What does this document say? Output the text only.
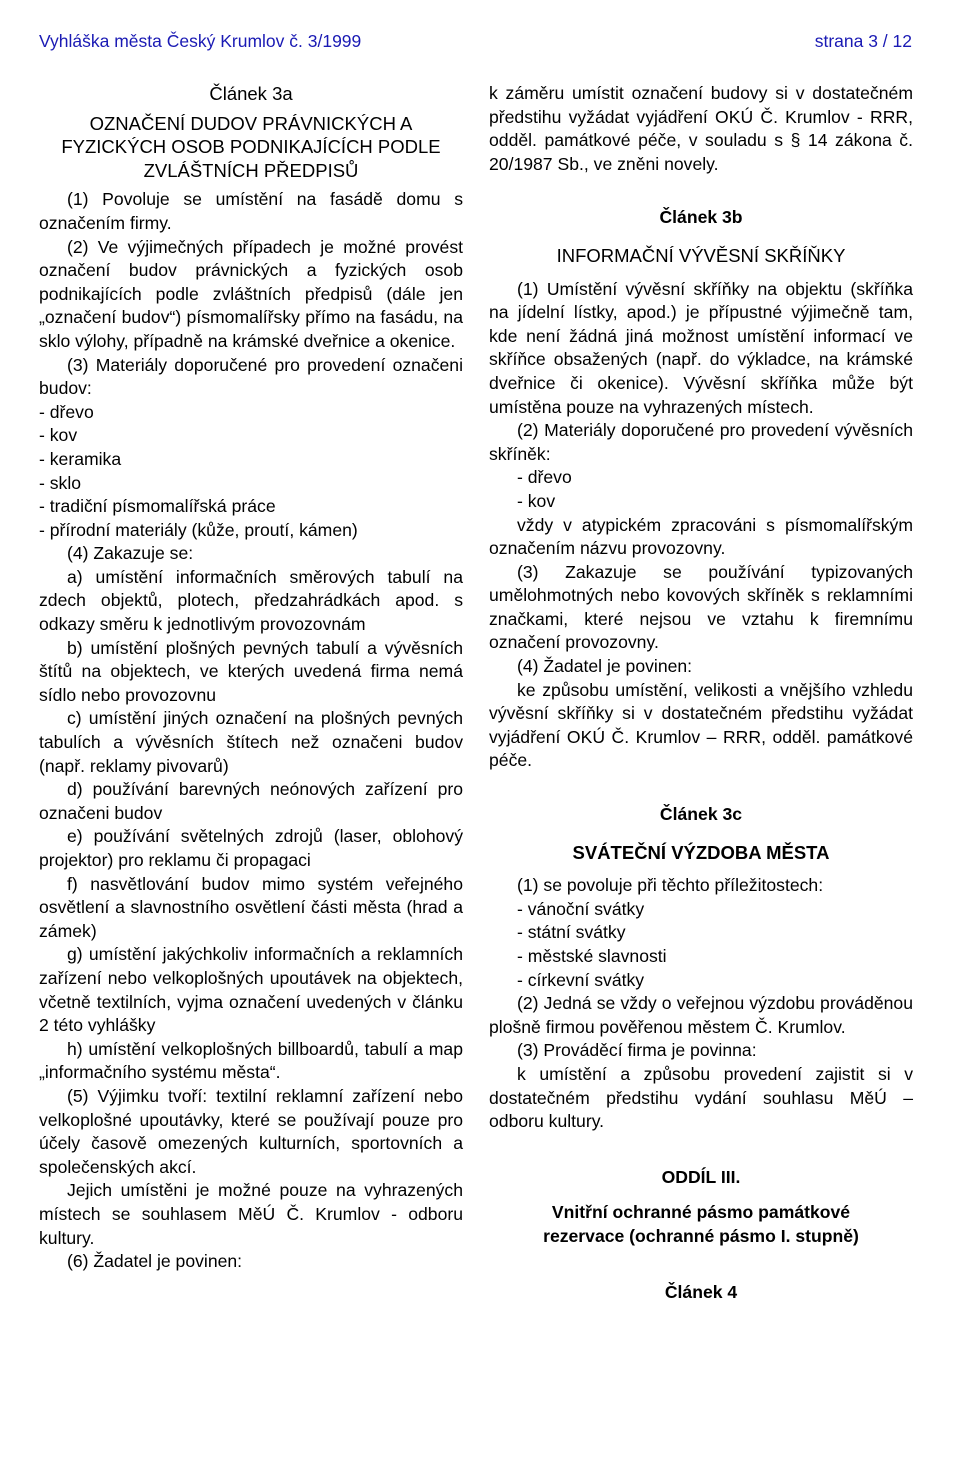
Vyhláška města Český Krumlov č. 3/1999	strana 3 / 12

Článek 3a

OZNAČENÍ DUDOV PRÁVNICKÝCH A FYZICKÝCH OSOB PODNIKAJÍCÍCH PODLE ZVLÁŠTNÍCH PŘEDPISŮ

(1) Povoluje se umístění na fasádě domu s označením firmy.

(2) Ve výjimečných případech je možné provést označení budov právnických a fyzických osob podnikajících podle zvláštních předpisů (dále jen „označení budov“) písmomalířsky přímo na fasádu, na sklo výlohy, případně na krámské dveřnice a okenice.

(3) Materiály doporučené pro provedení označeni budov:

- dřevo

- kov

- keramika

- sklo

- tradiční písmomalířská práce

- přírodní materiály (kůže, proutí, kámen)

(4) Zakazuje se:

a) umístění informačních směrových tabulí na zdech objektů, plotech, předzahrádkách apod. s odkazy směru k jednotlivým provozovnám

b) umístění plošných pevných tabulí a vývěsních štítů na objektech, ve kterých uvedená firma nemá sídlo nebo provozovnu

c) umístění jiných označení na plošných pevných tabulích a vývěsních štítech než označeni budov (např. reklamy pivovarů)

d) používání barevných neónových zařízení pro označeni budov

e) používání světelných zdrojů (laser, oblohový projektor) pro reklamu či propagaci

f) nasvětlování budov mimo systém veřejného osvětlení a slavnostního osvětlení části města (hrad a zámek)

g) umístění jakýchkoliv informačních a reklamních zařízení nebo velkoplošných upoutávek na objektech, včetně textilních, vyjma označení uvedených v článku 2 této vyhlášky

h) umístění velkoplošných billboardů, tabulí a map „informačního systému města“.

(5) Výjimku tvoří: textilní reklamní zařízení nebo velkoplošné upoutávky, které se používají pouze pro účely časově omezených kulturních, sportovních a společenských akcí.

Jejich umístěni je možné pouze na vyhrazených místech se souhlasem MěÚ Č. Krumlov - odboru kultury.

(6) Žadatel je povinen:

k záměru umístit označení budovy si v dostatečném předstihu vyžádat vyjádření OKÚ Č. Krumlov - RRR, odděl. památkové péče, v souladu s § 14 zákona č. 20/1987 Sb., ve zněni novely.

Článek 3b

INFORMAČNÍ VÝVĚSNÍ SKŘÍŇKY

(1) Umístění vývěsní skříňky na objektu (skříňka na jídelní lístky, apod.) je přípustné výjimečně tam, kde není žádná jiná možnost umístění informací ve skříňce obsažených (např. do výkladce, na krámské dveřnice či okenice). Vývěsní skříňka může být umístěna pouze na vyhrazených místech.

(2) Materiály doporučené pro provedení vývěsních skříněk:

- dřevo

- kov

vždy v atypickém zpracováni s písmomalířským označením názvu provozovny.

(3) Zakazuje se používání typizovaných umělohmotných nebo kovových skříněk s reklamními značkami, které nejsou ve vztahu k firemnímu označení provozovny.

(4) Žadatel je povinen:

ke způsobu umístění, velikosti a vnějšího vzhledu vývěsní skříňky si v dostatečném předstihu vyžádat vyjádření OKÚ Č. Krumlov – RRR, odděl. památkové péče.

Článek 3c

SVÁTEČNÍ VÝZDOBA MĚSTA

(1) se povoluje při těchto příležitostech:

- vánoční svátky

- státní svátky

- městské slavnosti

- církevní svátky

(2) Jedná se vždy o veřejnou výzdobu prováděnou plošně firmou pověřenou městem Č. Krumlov.

(3) Prováděcí firma je povinna:

k umístění a způsobu provedení zajistit si v dostatečném předstihu vydání souhlasu MěÚ – odboru kultury.

ODDÍL III.

Vnitřní ochranné pásmo památkové rezervace (ochranné pásmo I. stupně)

Článek 4
